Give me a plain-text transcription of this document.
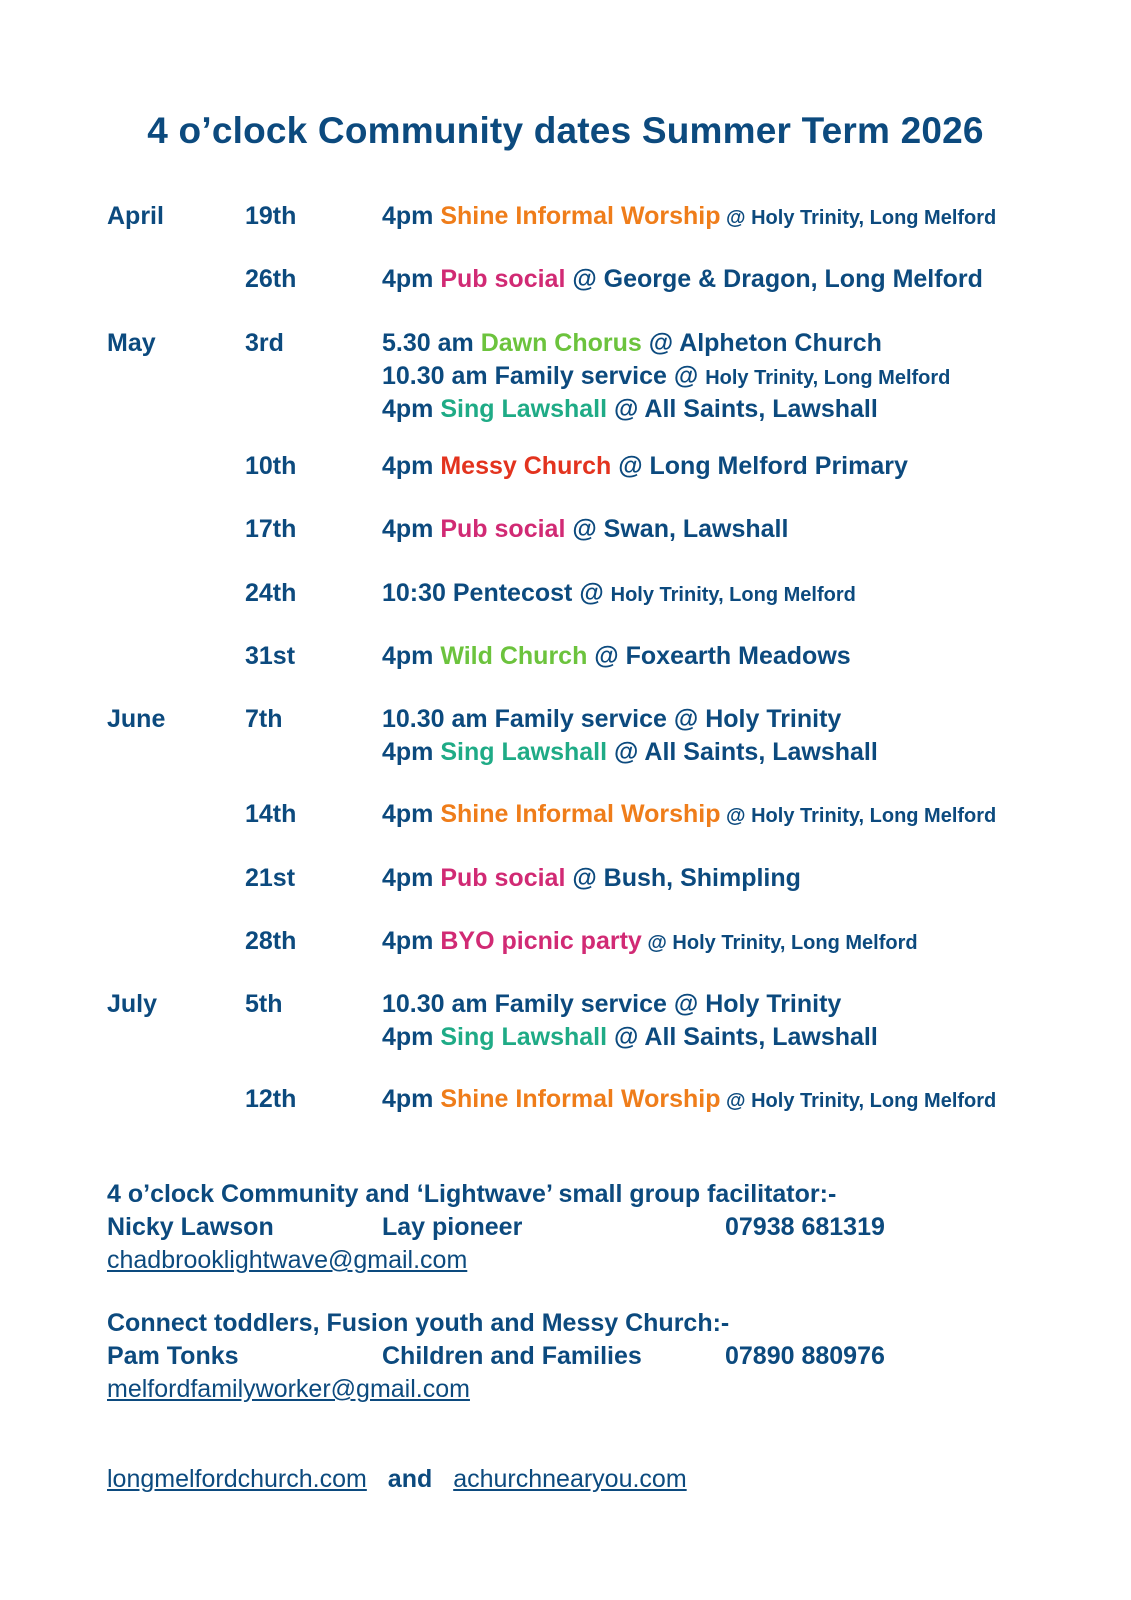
4 o’clock Community dates Summer Term 2026
April	19th	4pm Shine Informal Worship @ Holy Trinity, Long Melford
26th	4pm Pub social @ George & Dragon, Long Melford
May	3rd	5.30 am Dawn Chorus @ Alpheton Church
10.30 am Family service @ Holy Trinity, Long Melford
4pm Sing Lawshall @ All Saints, Lawshall
10th	4pm Messy Church @ Long Melford Primary
17th	4pm Pub social @ Swan, Lawshall
24th	10:30 Pentecost @ Holy Trinity, Long Melford
31st	4pm Wild Church @ Foxearth Meadows
June	7th	10.30 am Family service @ Holy Trinity
4pm Sing Lawshall @ All Saints, Lawshall
14th	4pm Shine Informal Worship @ Holy Trinity, Long Melford
21st	4pm Pub social @ Bush, Shimpling
28th	4pm BYO picnic party @ Holy Trinity, Long Melford
July	5th	10.30 am Family service @ Holy Trinity
4pm Sing Lawshall @ All Saints, Lawshall
12th	4pm Shine Informal Worship @ Holy Trinity, Long Melford
4 o’clock Community and ‘Lightwave’ small group facilitator:-
Nicky Lawson	Lay pioneer	07938 681319
chadbrooklightwave@gmail.com
Connect toddlers, Fusion youth and Messy Church:-
Pam Tonks	Children and Families	07890 880976
melfordfamilyworker@gmail.com
longmelfordchurch.com and achurchnearyou.com
